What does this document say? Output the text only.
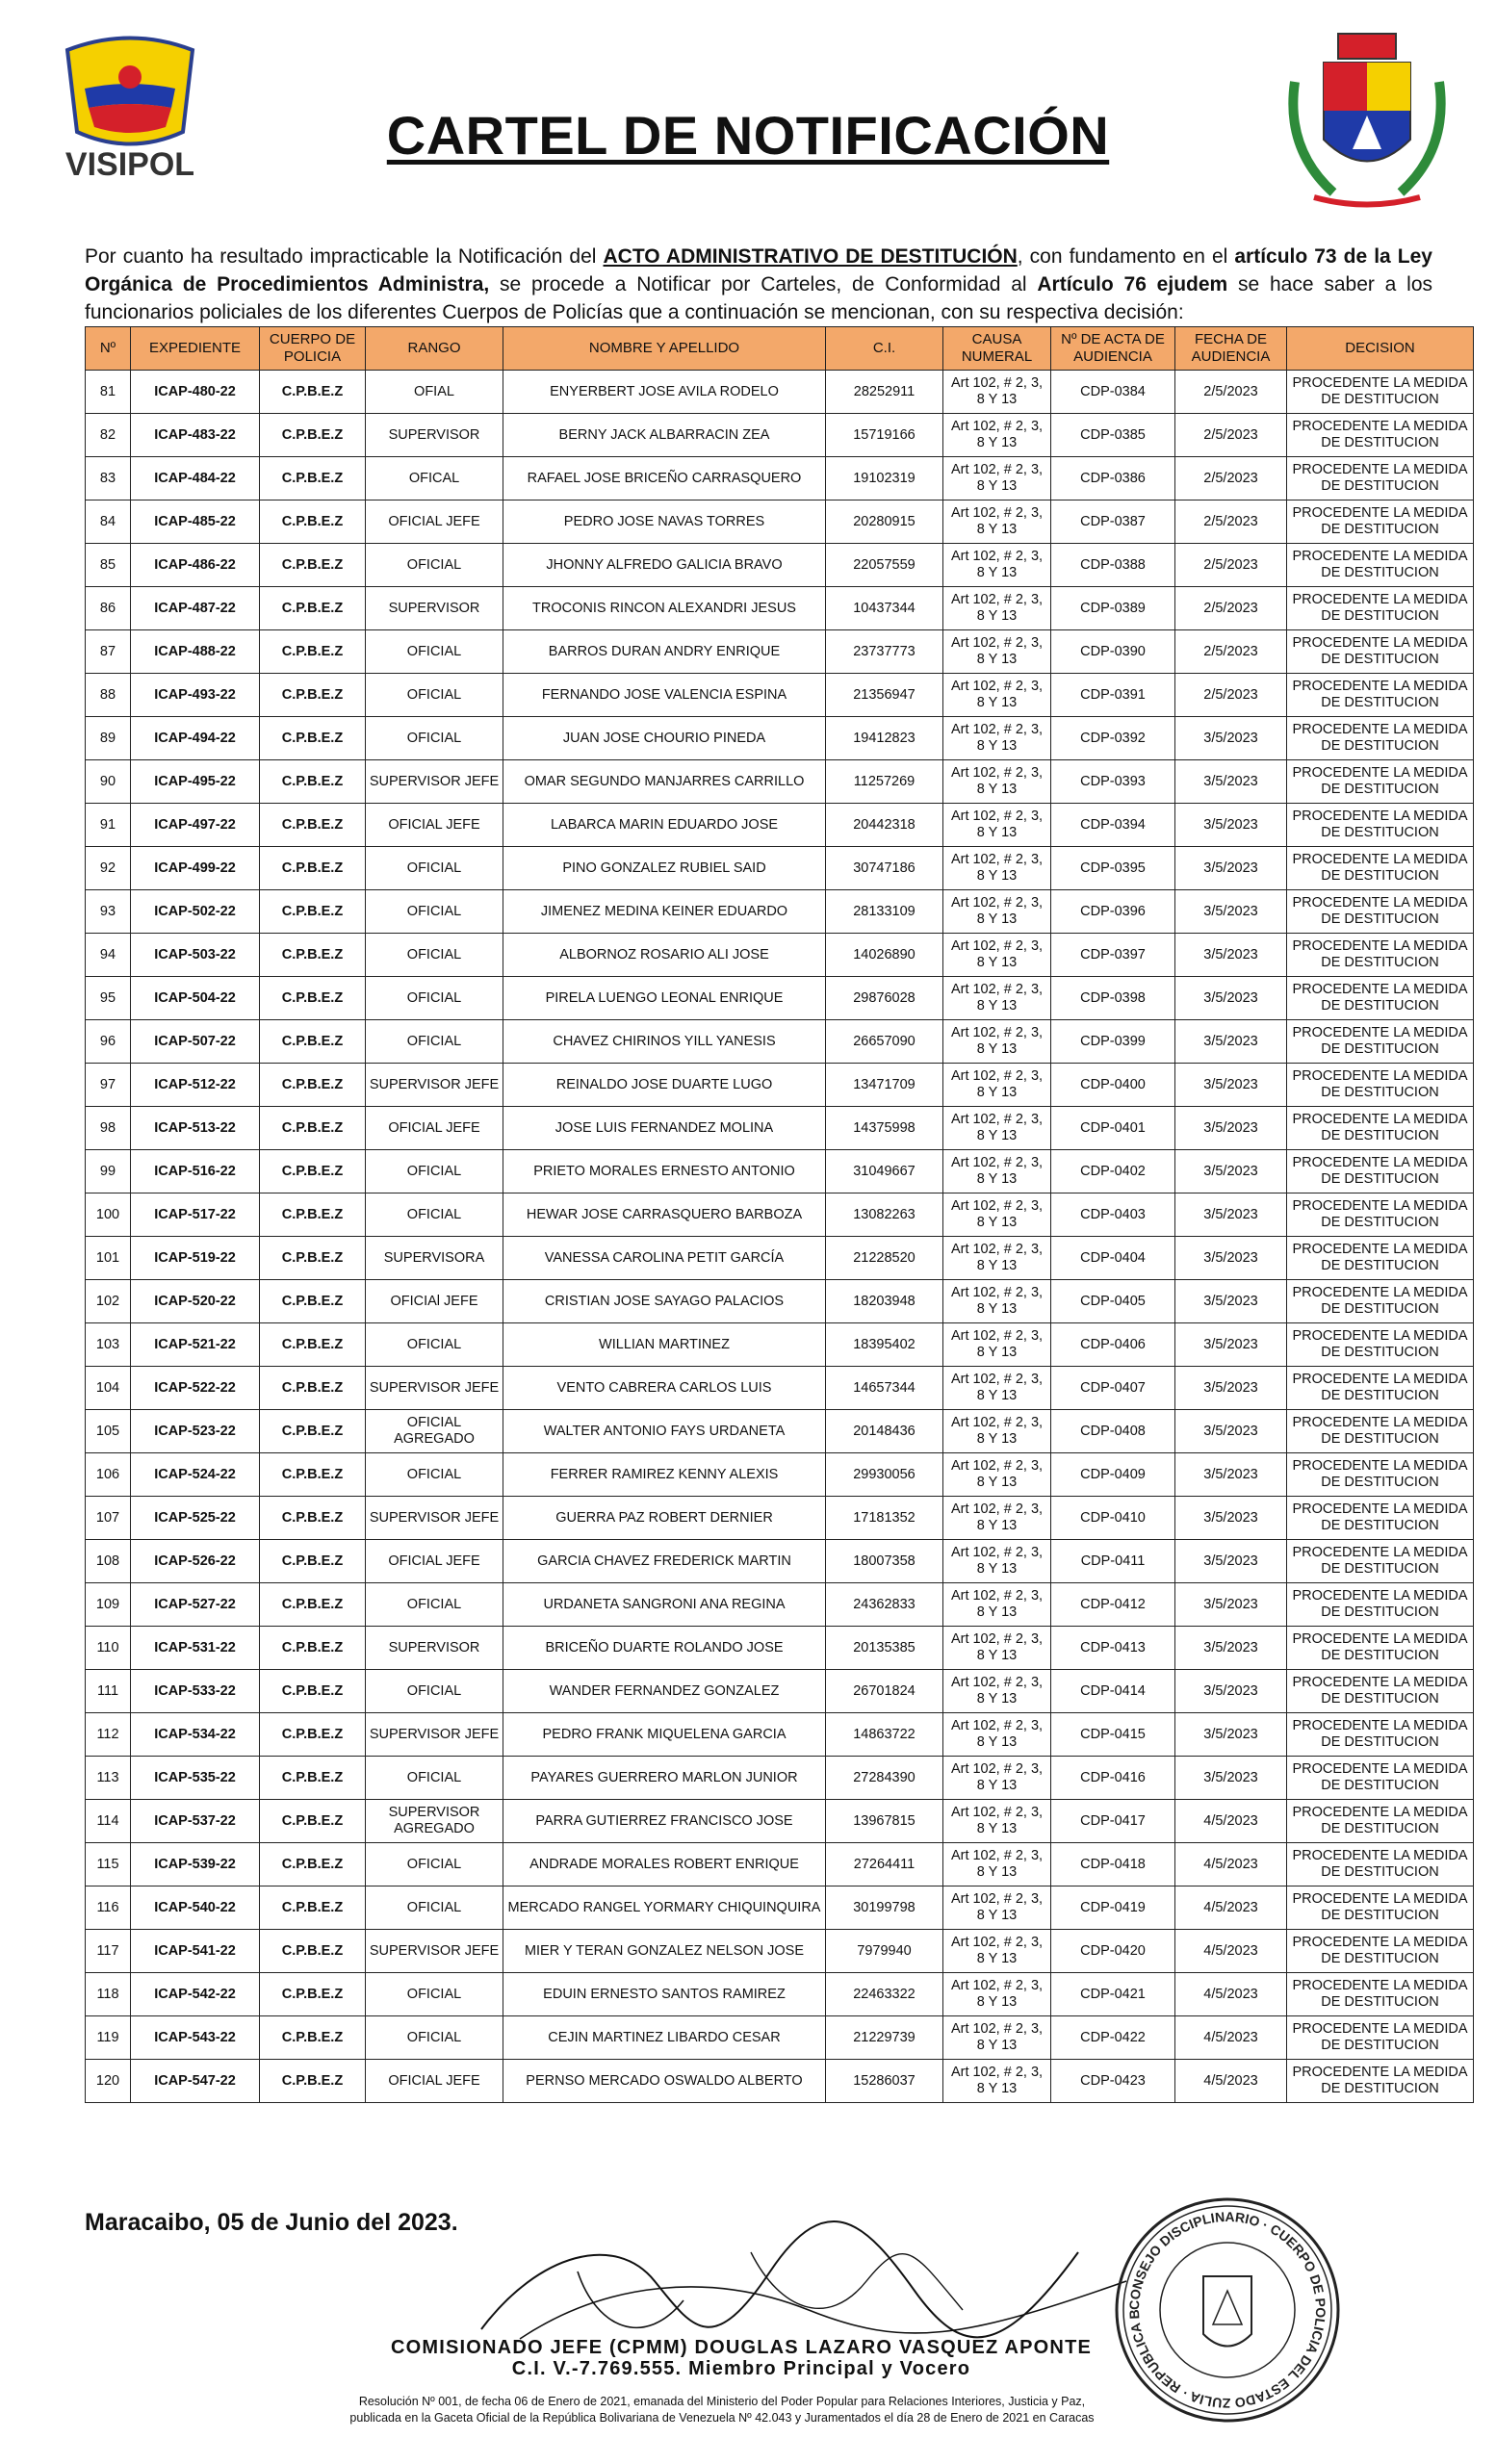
VISIPOL	CARTEL DE NOTIFICACIÓN
Por cuanto ha resultado impracticable la Notificación del ACTO ADMINISTRATIVO DE DESTITUCIÓN, con fundamento en el artículo 73 de la Ley Orgánica de Procedimientos Administra, se procede a Notificar por Carteles, de Conformidad al Artículo 76 ejudem se hace saber a los funcionarios policiales de los diferentes Cuerpos de Policías que a continuación se mencionan, con su respectiva decisión:
Nº	EXPEDIENTE	CUERPO DE POLICIA	RANGO	NOMBRE Y APELLIDO	C.I.	CAUSA NUMERAL	Nº DE ACTA DE AUDIENCIA	FECHA DE AUDIENCIA	DECISION
81	ICAP-480-22	C.P.B.E.Z	OFIAL	ENYERBERT JOSE AVILA RODELO	28252911	Art 102, # 2, 3, 8 Y 13	CDP-0384	2/5/2023	PROCEDENTE LA MEDIDA DE DESTITUCION
82	ICAP-483-22	C.P.B.E.Z	SUPERVISOR	BERNY JACK ALBARRACIN ZEA	15719166	Art 102, # 2, 3, 8 Y 13	CDP-0385	2/5/2023	PROCEDENTE LA MEDIDA DE DESTITUCION
83	ICAP-484-22	C.P.B.E.Z	OFICAL	RAFAEL JOSE BRICEÑO CARRASQUERO	19102319	Art 102, # 2, 3, 8 Y 13	CDP-0386	2/5/2023	PROCEDENTE LA MEDIDA DE DESTITUCION
84	ICAP-485-22	C.P.B.E.Z	OFICIAL JEFE	PEDRO JOSE NAVAS TORRES	20280915	Art 102, # 2, 3, 8 Y 13	CDP-0387	2/5/2023	PROCEDENTE LA MEDIDA DE DESTITUCION
85	ICAP-486-22	C.P.B.E.Z	OFICIAL	JHONNY ALFREDO GALICIA BRAVO	22057559	Art 102, # 2, 3, 8 Y 13	CDP-0388	2/5/2023	PROCEDENTE LA MEDIDA DE DESTITUCION
86	ICAP-487-22	C.P.B.E.Z	SUPERVISOR	TROCONIS RINCON ALEXANDRI JESUS	10437344	Art 102, # 2, 3, 8 Y 13	CDP-0389	2/5/2023	PROCEDENTE LA MEDIDA DE DESTITUCION
87	ICAP-488-22	C.P.B.E.Z	OFICIAL	BARROS DURAN ANDRY ENRIQUE	23737773	Art 102, # 2, 3, 8 Y 13	CDP-0390	2/5/2023	PROCEDENTE LA MEDIDA DE DESTITUCION
88	ICAP-493-22	C.P.B.E.Z	OFICIAL	FERNANDO JOSE VALENCIA ESPINA	21356947	Art 102, # 2, 3, 8 Y 13	CDP-0391	2/5/2023	PROCEDENTE LA MEDIDA DE DESTITUCION
89	ICAP-494-22	C.P.B.E.Z	OFICIAL	JUAN JOSE CHOURIO PINEDA	19412823	Art 102, # 2, 3, 8 Y 13	CDP-0392	3/5/2023	PROCEDENTE LA MEDIDA DE DESTITUCION
90	ICAP-495-22	C.P.B.E.Z	SUPERVISOR JEFE	OMAR SEGUNDO MANJARRES CARRILLO	11257269	Art 102, # 2, 3, 8 Y 13	CDP-0393	3/5/2023	PROCEDENTE LA MEDIDA DE DESTITUCION
91	ICAP-497-22	C.P.B.E.Z	OFICIAL JEFE	LABARCA MARIN EDUARDO JOSE	20442318	Art 102, # 2, 3, 8 Y 13	CDP-0394	3/5/2023	PROCEDENTE LA MEDIDA DE DESTITUCION
92	ICAP-499-22	C.P.B.E.Z	OFICIAL	PINO GONZALEZ RUBIEL SAID	30747186	Art 102, # 2, 3, 8 Y 13	CDP-0395	3/5/2023	PROCEDENTE LA MEDIDA DE DESTITUCION
93	ICAP-502-22	C.P.B.E.Z	OFICIAL	JIMENEZ MEDINA KEINER EDUARDO	28133109	Art 102, # 2, 3, 8 Y 13	CDP-0396	3/5/2023	PROCEDENTE LA MEDIDA DE DESTITUCION
94	ICAP-503-22	C.P.B.E.Z	OFICIAL	ALBORNOZ ROSARIO ALI JOSE	14026890	Art 102, # 2, 3, 8 Y 13	CDP-0397	3/5/2023	PROCEDENTE LA MEDIDA DE DESTITUCION
95	ICAP-504-22	C.P.B.E.Z	OFICIAL	PIRELA LUENGO LEONAL ENRIQUE	29876028	Art 102, # 2, 3, 8 Y 13	CDP-0398	3/5/2023	PROCEDENTE LA MEDIDA DE DESTITUCION
96	ICAP-507-22	C.P.B.E.Z	OFICIAL	CHAVEZ CHIRINOS YILL YANESIS	26657090	Art 102, # 2, 3, 8 Y 13	CDP-0399	3/5/2023	PROCEDENTE LA MEDIDA DE DESTITUCION
97	ICAP-512-22	C.P.B.E.Z	SUPERVISOR JEFE	REINALDO JOSE DUARTE LUGO	13471709	Art 102, # 2, 3, 8 Y 13	CDP-0400	3/5/2023	PROCEDENTE LA MEDIDA DE DESTITUCION
98	ICAP-513-22	C.P.B.E.Z	OFICIAL JEFE	JOSE LUIS FERNANDEZ MOLINA	14375998	Art 102, # 2, 3, 8 Y 13	CDP-0401	3/5/2023	PROCEDENTE LA MEDIDA DE DESTITUCION
99	ICAP-516-22	C.P.B.E.Z	OFICIAL	PRIETO MORALES ERNESTO ANTONIO	31049667	Art 102, # 2, 3, 8 Y 13	CDP-0402	3/5/2023	PROCEDENTE LA MEDIDA DE DESTITUCION
100	ICAP-517-22	C.P.B.E.Z	OFICIAL	HEWAR JOSE CARRASQUERO BARBOZA	13082263	Art 102, # 2, 3, 8 Y 13	CDP-0403	3/5/2023	PROCEDENTE LA MEDIDA DE DESTITUCION
101	ICAP-519-22	C.P.B.E.Z	SUPERVISORA	VANESSA CAROLINA PETIT GARCÍA	21228520	Art 102, # 2, 3, 8 Y 13	CDP-0404	3/5/2023	PROCEDENTE LA MEDIDA DE DESTITUCION
102	ICAP-520-22	C.P.B.E.Z	OFICIAl JEFE	CRISTIAN JOSE SAYAGO PALACIOS	18203948	Art 102, # 2, 3, 8 Y 13	CDP-0405	3/5/2023	PROCEDENTE LA MEDIDA DE DESTITUCION
103	ICAP-521-22	C.P.B.E.Z	OFICIAL	WILLIAN MARTINEZ	18395402	Art 102, # 2, 3, 8 Y 13	CDP-0406	3/5/2023	PROCEDENTE LA MEDIDA DE DESTITUCION
104	ICAP-522-22	C.P.B.E.Z	SUPERVISOR JEFE	VENTO CABRERA CARLOS LUIS	14657344	Art 102, # 2, 3, 8 Y 13	CDP-0407	3/5/2023	PROCEDENTE LA MEDIDA DE DESTITUCION
105	ICAP-523-22	C.P.B.E.Z	OFICIAL AGREGADO	WALTER ANTONIO FAYS URDANETA	20148436	Art 102, # 2, 3, 8 Y 13	CDP-0408	3/5/2023	PROCEDENTE LA MEDIDA DE DESTITUCION
106	ICAP-524-22	C.P.B.E.Z	OFICIAL	FERRER RAMIREZ KENNY ALEXIS	29930056	Art 102, # 2, 3, 8 Y 13	CDP-0409	3/5/2023	PROCEDENTE LA MEDIDA DE DESTITUCION
107	ICAP-525-22	C.P.B.E.Z	SUPERVISOR JEFE	GUERRA PAZ ROBERT DERNIER	17181352	Art 102, # 2, 3, 8 Y 13	CDP-0410	3/5/2023	PROCEDENTE LA MEDIDA DE DESTITUCION
108	ICAP-526-22	C.P.B.E.Z	OFICIAL JEFE	GARCIA CHAVEZ FREDERICK MARTIN	18007358	Art 102, # 2, 3, 8 Y 13	CDP-0411	3/5/2023	PROCEDENTE LA MEDIDA DE DESTITUCION
109	ICAP-527-22	C.P.B.E.Z	OFICIAL	URDANETA SANGRONI ANA REGINA	24362833	Art 102, # 2, 3, 8 Y 13	CDP-0412	3/5/2023	PROCEDENTE LA MEDIDA DE DESTITUCION
110	ICAP-531-22	C.P.B.E.Z	SUPERVISOR	BRICEÑO DUARTE ROLANDO JOSE	20135385	Art 102, # 2, 3, 8 Y 13	CDP-0413	3/5/2023	PROCEDENTE LA MEDIDA DE DESTITUCION
111	ICAP-533-22	C.P.B.E.Z	OFICIAL	WANDER FERNANDEZ GONZALEZ	26701824	Art 102, # 2, 3, 8 Y 13	CDP-0414	3/5/2023	PROCEDENTE LA MEDIDA DE DESTITUCION
112	ICAP-534-22	C.P.B.E.Z	SUPERVISOR JEFE	PEDRO FRANK MIQUELENA GARCIA	14863722	Art 102, # 2, 3, 8 Y 13	CDP-0415	3/5/2023	PROCEDENTE LA MEDIDA DE DESTITUCION
113	ICAP-535-22	C.P.B.E.Z	OFICIAL	PAYARES GUERRERO MARLON JUNIOR	27284390	Art 102, # 2, 3, 8 Y 13	CDP-0416	3/5/2023	PROCEDENTE LA MEDIDA DE DESTITUCION
114	ICAP-537-22	C.P.B.E.Z	SUPERVISOR AGREGADO	PARRA GUTIERREZ FRANCISCO JOSE	13967815	Art 102, # 2, 3, 8 Y 13	CDP-0417	4/5/2023	PROCEDENTE LA MEDIDA DE DESTITUCION
115	ICAP-539-22	C.P.B.E.Z	OFICIAL	ANDRADE MORALES ROBERT ENRIQUE	27264411	Art 102, # 2, 3, 8 Y 13	CDP-0418	4/5/2023	PROCEDENTE LA MEDIDA DE DESTITUCION
116	ICAP-540-22	C.P.B.E.Z	OFICIAL	MERCADO RANGEL YORMARY CHIQUINQUIRA	30199798	Art 102, # 2, 3, 8 Y 13	CDP-0419	4/5/2023	PROCEDENTE LA MEDIDA DE DESTITUCION
117	ICAP-541-22	C.P.B.E.Z	SUPERVISOR JEFE	MIER Y TERAN GONZALEZ NELSON JOSE	7979940	Art 102, # 2, 3, 8 Y 13	CDP-0420	4/5/2023	PROCEDENTE LA MEDIDA DE DESTITUCION
118	ICAP-542-22	C.P.B.E.Z	OFICIAL	EDUIN ERNESTO SANTOS RAMIREZ	22463322	Art 102, # 2, 3, 8 Y 13	CDP-0421	4/5/2023	PROCEDENTE LA MEDIDA DE DESTITUCION
119	ICAP-543-22	C.P.B.E.Z	OFICIAL	CEJIN MARTINEZ LIBARDO CESAR	21229739	Art 102, # 2, 3, 8 Y 13	CDP-0422	4/5/2023	PROCEDENTE LA MEDIDA DE DESTITUCION
120	ICAP-547-22	C.P.B.E.Z	OFICIAL JEFE	PERNSO MERCADO OSWALDO ALBERTO	15286037	Art 102, # 2, 3, 8 Y 13	CDP-0423	4/5/2023	PROCEDENTE LA MEDIDA DE DESTITUCION
Maracaibo, 05 de Junio del 2023.
COMISIONADO JEFE (CPMM) DOUGLAS LAZARO VASQUEZ APONTE
C.I. V.-7.769.555. Miembro Principal y Vocero
Resolución Nº 001, de fecha 06 de Enero de 2021, emanada del Ministerio del Poder Popular para Relaciones Interiores, Justicia y Paz,
publicada en la Gaceta Oficial de la República Bolivariana de Venezuela Nº 42.043 y Juramentados el día 28 de Enero de 2021 en Caracas
CONSEJO DISCIPLINARIO · CUERPO DE POLICIA DEL ESTADO ZULIA · REPUBLICA B
